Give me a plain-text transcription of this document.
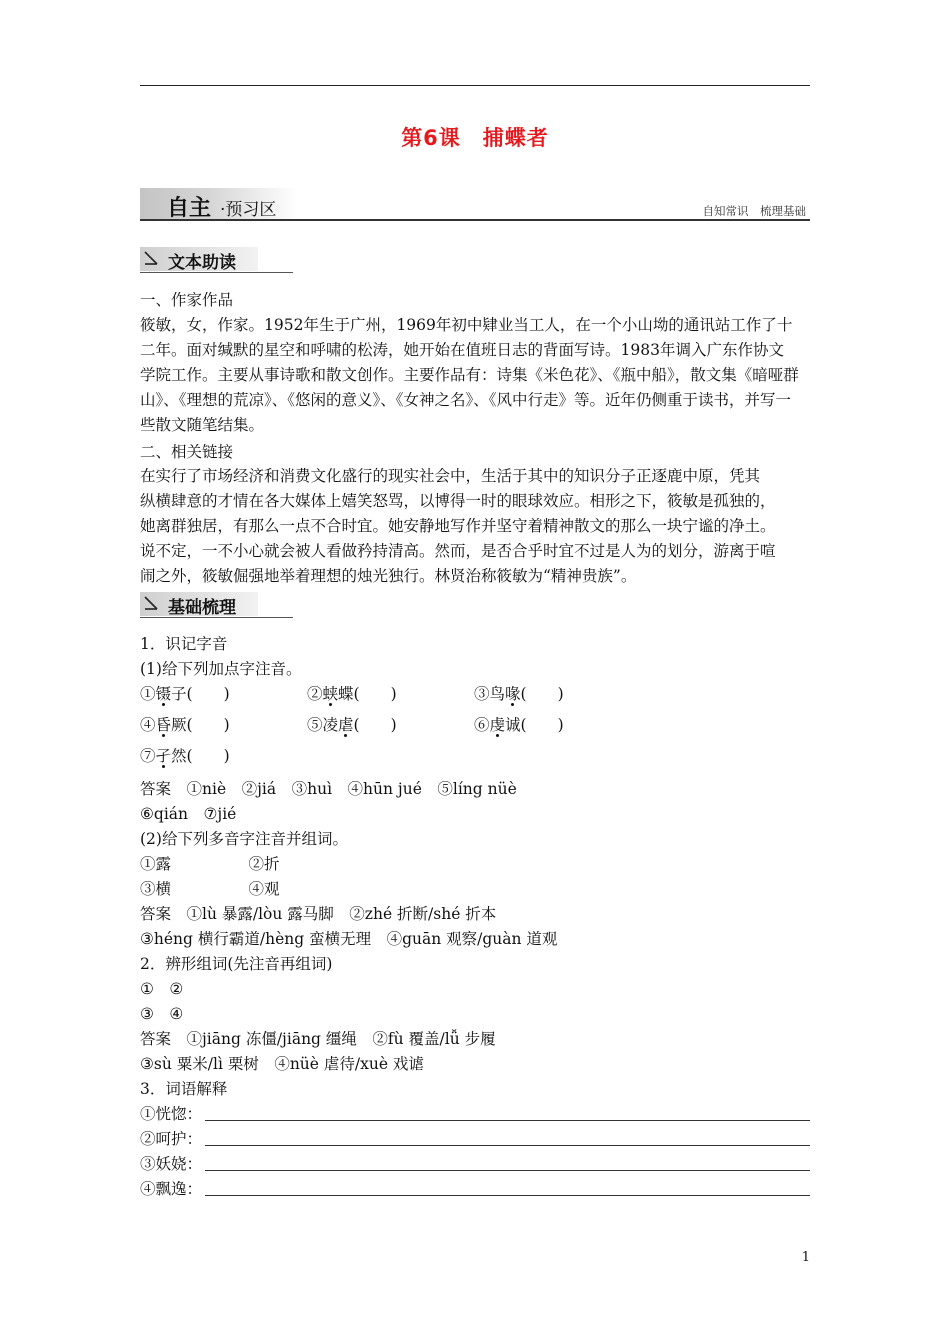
第6课　捕蝶者
自主 ·预习区	自知常识　梳理基础
文本助读
一、作家作品

筱敏，女，作家。1952年生于广州，1969年初中肄业当工人，在一个小山坳的通讯站工作了十

二年。面对缄默的星空和呼啸的松涛，她开始在值班日志的背面写诗。1983年调入广东作协文

学院工作。主要从事诗歌和散文创作。主要作品有：诗集《米色花》、《瓶中船》，散文集《暗哑群

山》、《理想的荒凉》、《悠闲的意义》、《女神之名》、《风中行走》等。近年仍侧重于读书，并写一

些散文随笔结集。

二、相关链接

在实行了市场经济和消费文化盛行的现实社会中，生活于其中的知识分子正逐鹿中原，凭其

纵横肆意的才情在各大媒体上嬉笑怒骂，以博得一时的眼球效应。相形之下，筱敏是孤独的，

她离群独居，有那么一点不合时宜。她安静地写作并坚守着精神散文的那么一块宁谧的净土。

说不定，一不小心就会被人看做矜持清高。然而，是否合乎时宜不过是人为的划分，游离于喧

闹之外，筱敏倔强地举着理想的烛光独行。林贤治称筱敏为“精神贵族”。

基础梳理
1．识记字音
(1)给下列加点字注音。
①镊子(　　)	②蛱蝶(　　)	③鸟喙(　　)
④昏厥(　　)	⑤凌虐(　　)	⑥虔诚(　　)
⑦孑然(　　)
答案　①niè　②jiá　③huì　④hūn jué　⑤líng nüè
⑥qián　⑦jié
(2)给下列多音字注音并组词。
①露　　　　　②折
③横　　　　　④观
答案　①lù 暴露/lòu 露马脚　②zhé 折断/shé 折本
③héng 横行霸道/hèng 蛮横无理　④guān 观察/guàn 道观
2．辨形组词(先注音再组词)
①　②
③　④
答案　①jiāng 冻僵/jiāng 缰绳　②fù 覆盖/lǚ 步履
③sù 粟米/lì 栗树　④nüè 虐待/xuè 戏谑
3．词语解释
①恍惚：
②呵护：
③妖娆：
④飘逸：
1
